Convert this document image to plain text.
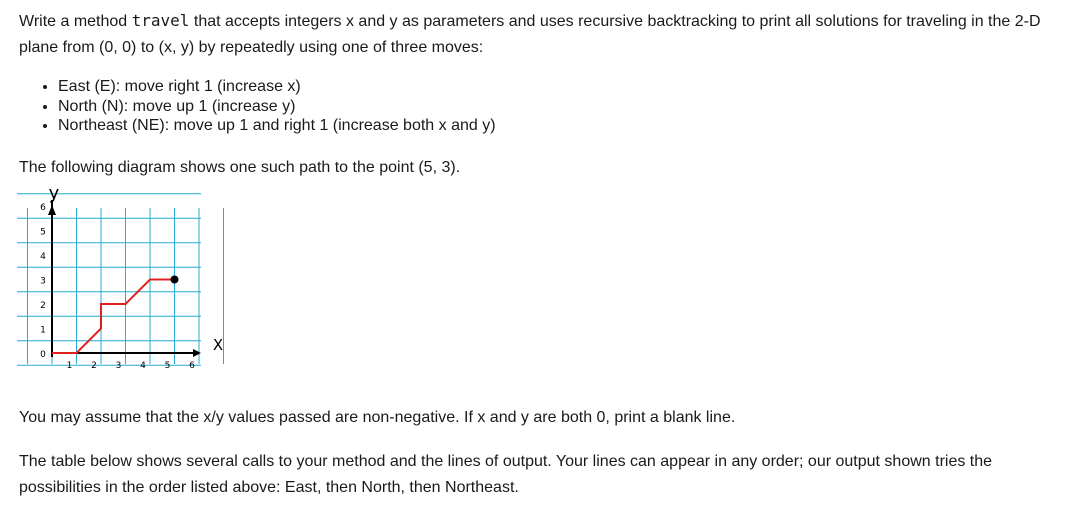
Write a method travel that accepts integers x and y as parameters and uses recursive backtracking to print all solutions for traveling in the 2-D plane from (0, 0) to (x, y) by repeatedly using one of three moves:

• East (E): move right 1 (increase x)
• North (N): move up 1 (increase y)
• Northeast (NE): move up 1 and right 1 (increase both x and y)

The following diagram shows one such path to the point (5, 3).

y
X
6
5
4
3
2
1
0
1 2 3 4 5 6

You may assume that the x/y values passed are non-negative. If x and y are both 0, print a blank line.

The table below shows several calls to your method and the lines of output. Your lines can appear in any order; our output shown tries the possibilities in the order listed above: East, then North, then Northeast.
